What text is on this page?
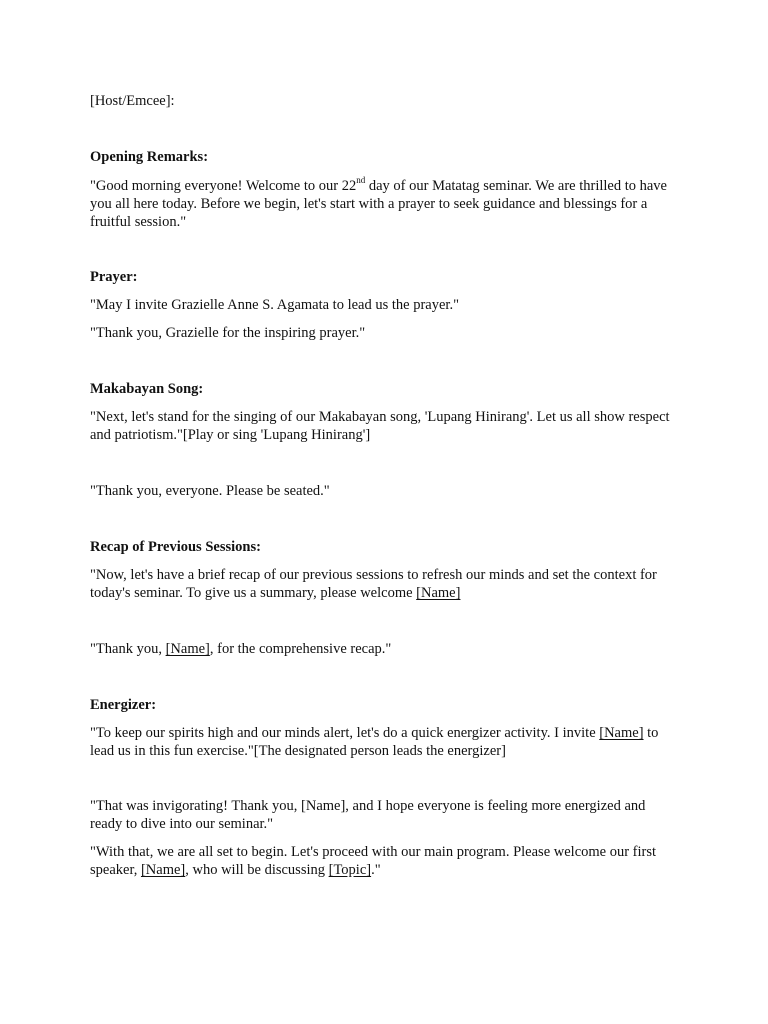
[Host/Emcee]:

Opening Remarks:

"Good morning everyone! Welcome to our 22nd day of our Matatag seminar. We are thrilled to have you all here today. Before we begin, let's start with a prayer to seek guidance and blessings for a fruitful session."

Prayer:

"May I invite Grazielle Anne S. Agamata to lead us the prayer."

"Thank you, Grazielle for the inspiring prayer."

Makabayan Song:

"Next, let's stand for the singing of our Makabayan song, 'Lupang Hinirang'. Let us all show respect and patriotism."[Play or sing 'Lupang Hinirang']

"Thank you, everyone. Please be seated."

Recap of Previous Sessions:

"Now, let's have a brief recap of our previous sessions to refresh our minds and set the context for today's seminar. To give us a summary, please welcome [Name]

"Thank you, [Name], for the comprehensive recap."

Energizer:

"To keep our spirits high and our minds alert, let's do a quick energizer activity. I invite [Name] to lead us in this fun exercise."[The designated person leads the energizer]

"That was invigorating! Thank you, [Name], and I hope everyone is feeling more energized and ready to dive into our seminar."

"With that, we are all set to begin. Let's proceed with our main program. Please welcome our first speaker, [Name], who will be discussing [Topic]."
